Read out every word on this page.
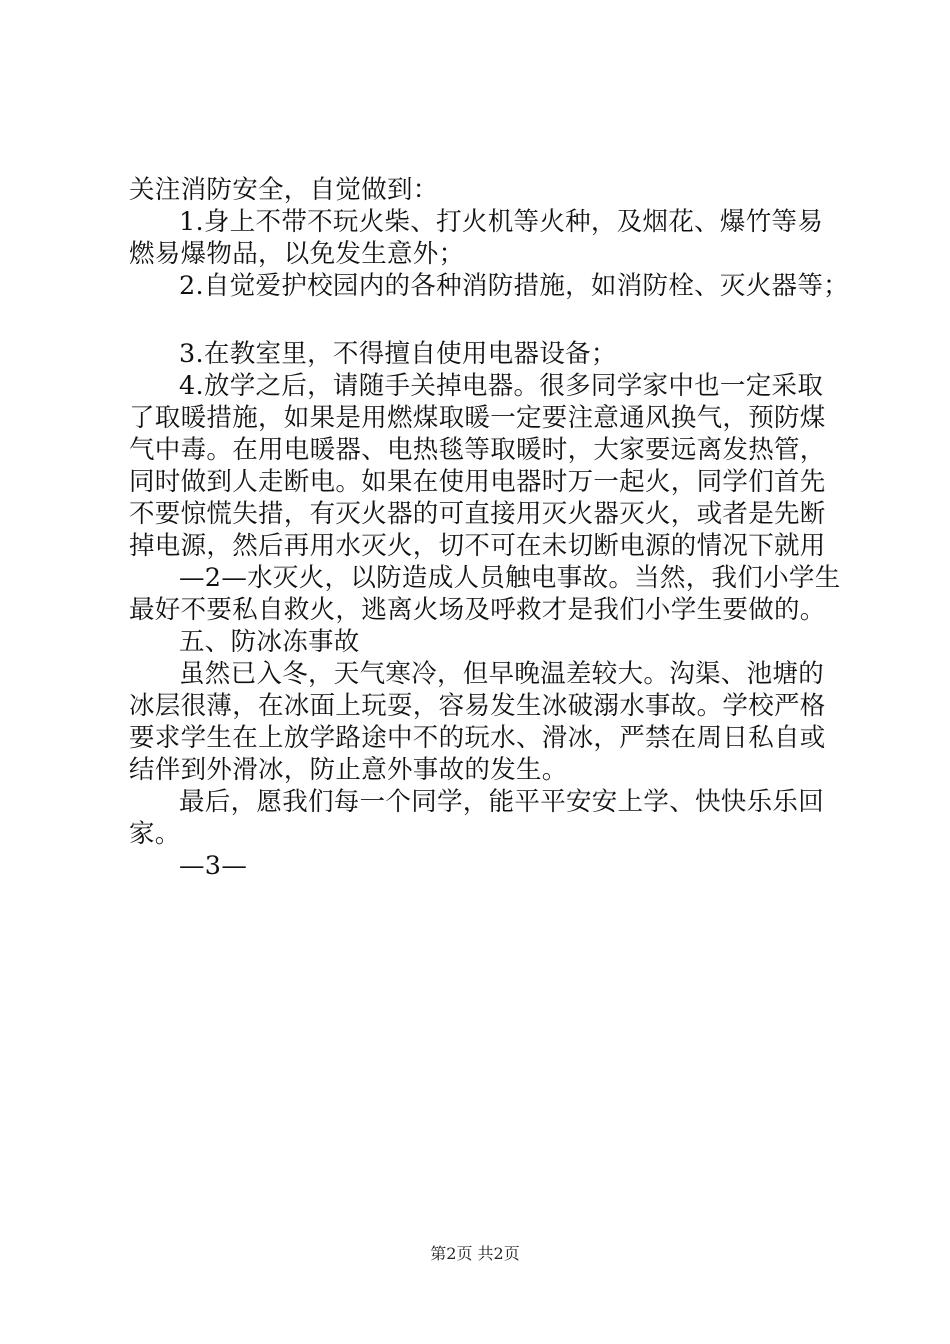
关注消防安全，自觉做到：
1.身上不带不玩火柴、打火机等火种，及烟花、爆竹等易
燃易爆物品，以免发生意外；
2.自觉爱护校园内的各种消防措施，如消防栓、灭火器等；
3.在教室里，不得擅自使用电器设备；
4.放学之后，请随手关掉电器。很多同学家中也一定采取
了取暖措施，如果是用燃煤取暖一定要注意通风换气，预防煤
气中毒。在用电暖器、电热毯等取暖时，大家要远离发热管，
同时做到人走断电。如果在使用电器时万一起火，同学们首先
不要惊慌失措，有灭火器的可直接用灭火器灭火，或者是先断
掉电源，然后再用水灭火，切不可在未切断电源的情况下就用
—2—水灭火，以防造成人员触电事故。当然，我们小学生
最好不要私自救火，逃离火场及呼救才是我们小学生要做的。
五、防冰冻事故
虽然已入冬，天气寒冷，但早晚温差较大。沟渠、池塘的
冰层很薄，在冰面上玩耍，容易发生冰破溺水事故。学校严格
要求学生在上放学路途中不的玩水、滑冰，严禁在周日私自或
结伴到外滑冰，防止意外事故的发生。
最后，愿我们每一个同学，能平平安安上学、快快乐乐回
家。
—3—
第2页 共2页
